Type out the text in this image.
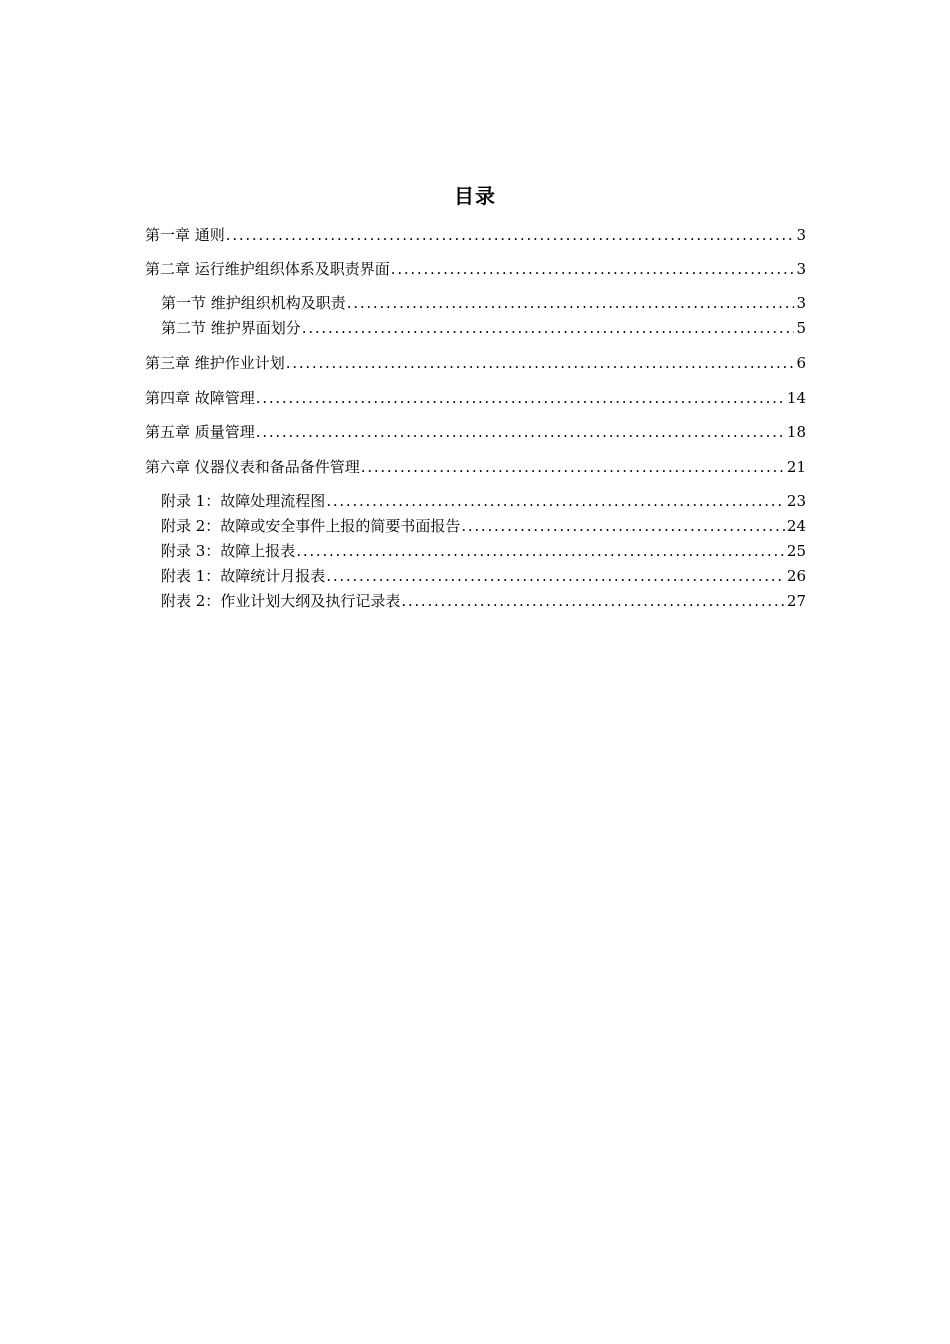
目录
第一章 通则 . . .	3
第二章 运行维护组织体系及职责界面 . . .	3
第一节 维护组织机构及职责 . . .	3
第二节 维护界面划分 . . .	5
第三章 维护作业计划 . . .	6
第四章 故障管理 . . .	14
第五章 质量管理 . . .	18
第六章 仪器仪表和备品备件管理 . . .	21
附录 1：故障处理流程图 . . .	23
附录 2：故障或安全事件上报的简要书面报告 . . .	24
附录 3：故障上报表 . . .	25
附表 1：故障统计月报表 . . .	26
附表 2：作业计划大纲及执行记录表 . . .	27
